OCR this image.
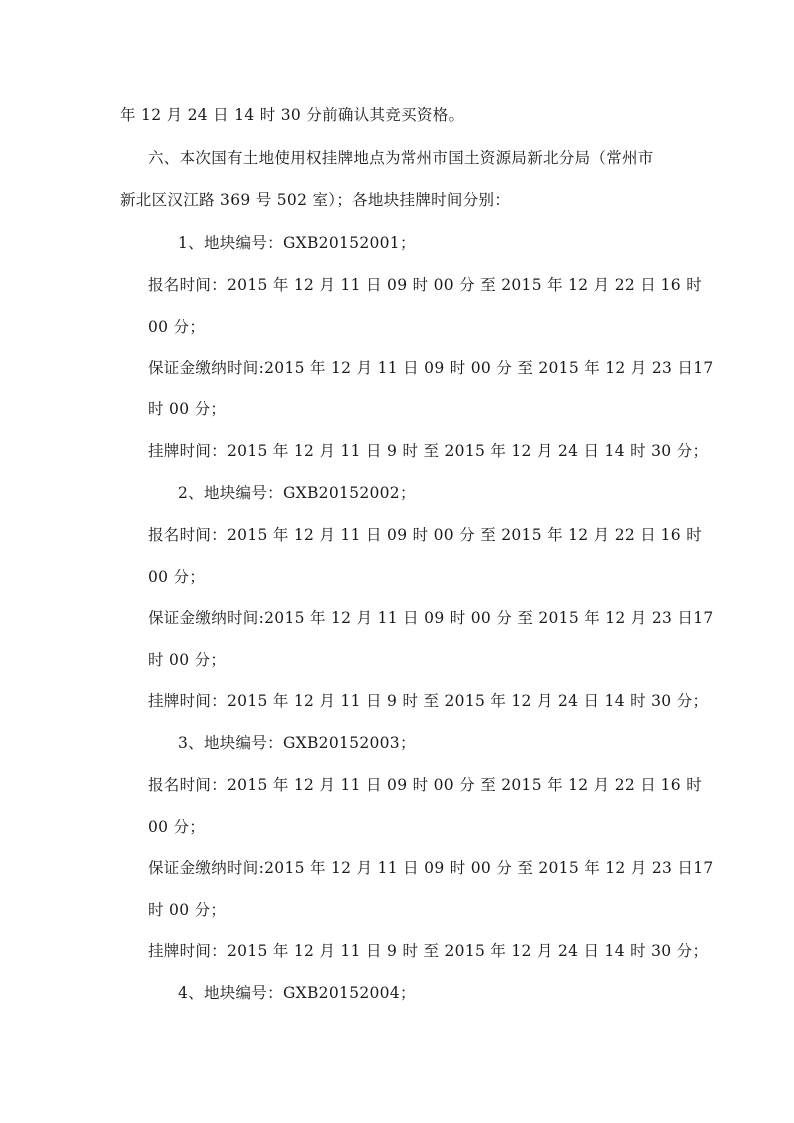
年 12 月 24 日 14 时 30 分前确认其竞买资格。
六、本次国有土地使用权挂牌地点为常州市国土资源局新北分局（常州市
新北区汉江路 369 号 502 室）；各地块挂牌时间分别：
1、地块编号：GXB20152001；
报名时间：2015 年 12 月 11 日 09 时 00 分 至 2015 年 12 月 22 日 16 时
00 分；
保证金缴纳时间:2015 年 12 月 11 日 09 时 00 分 至 2015 年 12 月 23 日 17
时 00 分；
挂牌时间：2015 年 12 月 11 日 9 时 至 2015 年 12 月 24 日 14 时 30 分；
2、地块编号：GXB20152002；
报名时间：2015 年 12 月 11 日 09 时 00 分 至 2015 年 12 月 22 日 16 时
00 分；
保证金缴纳时间:2015 年 12 月 11 日 09 时 00 分 至 2015 年 12 月 23 日 17
时 00 分；
挂牌时间：2015 年 12 月 11 日 9 时 至 2015 年 12 月 24 日 14 时 30 分；
3、地块编号：GXB20152003；
报名时间：2015 年 12 月 11 日 09 时 00 分 至 2015 年 12 月 22 日 16 时
00 分；
保证金缴纳时间:2015 年 12 月 11 日 09 时 00 分 至 2015 年 12 月 23 日 17
时 00 分；
挂牌时间：2015 年 12 月 11 日 9 时 至 2015 年 12 月 24 日 14 时 30 分；
4、地块编号：GXB20152004；
